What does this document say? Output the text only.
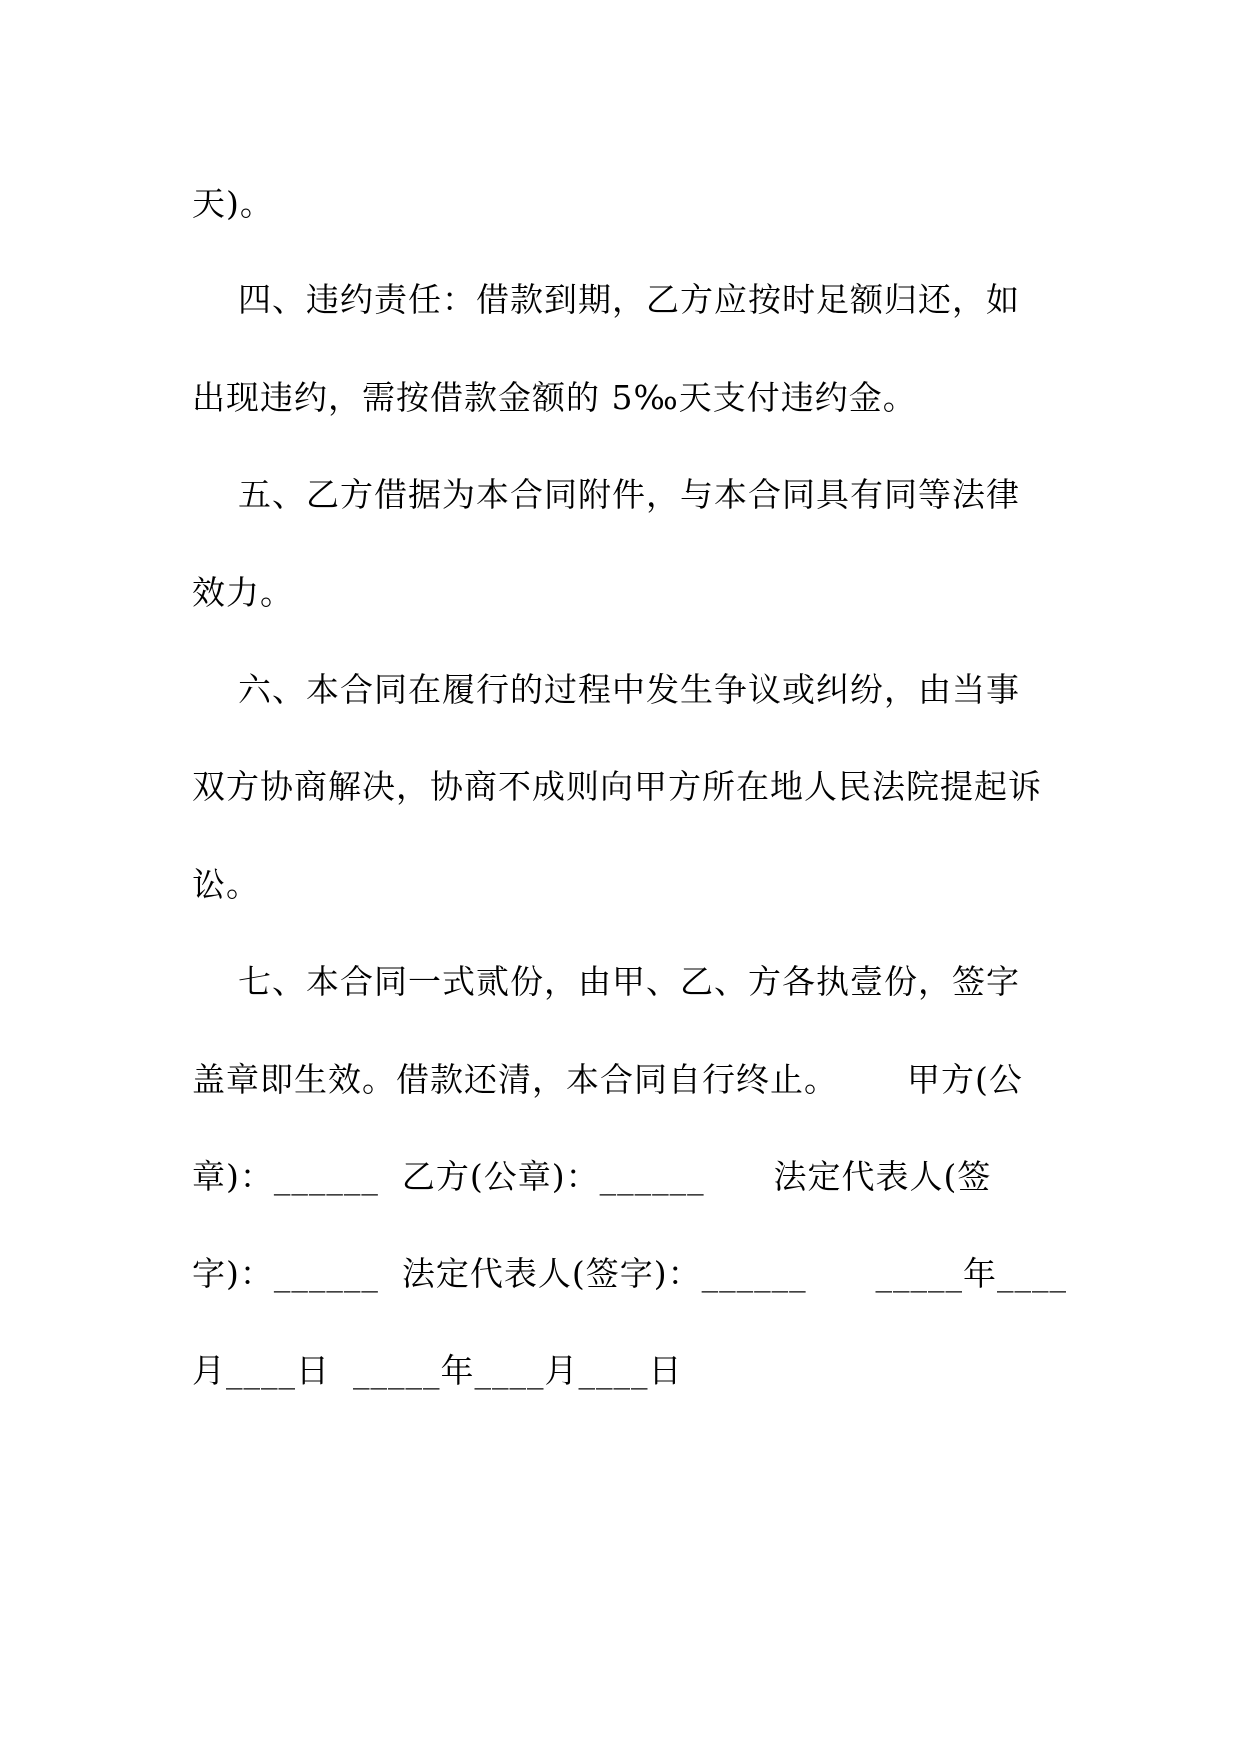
天)。
四、违约责任：借款到期，乙方应按时足额归还，如
出现违约，需按借款金额的 5‰天支付违约金。
五、乙方借据为本合同附件，与本合同具有同等法律
效力。
六、本合同在履行的过程中发生争议或纠纷，由当事
双方协商解决，协商不成则向甲方所在地人民法院提起诉
讼。
七、本合同一式贰份，由甲、乙、方各执壹份，签字
盖章即生效。借款还清，本合同自行终止。      甲方(公
章)：______  乙方(公章)：______      法定代表人(签
字)：______  法定代表人(签字)：______      _____年____
月____日  _____年____月____日
